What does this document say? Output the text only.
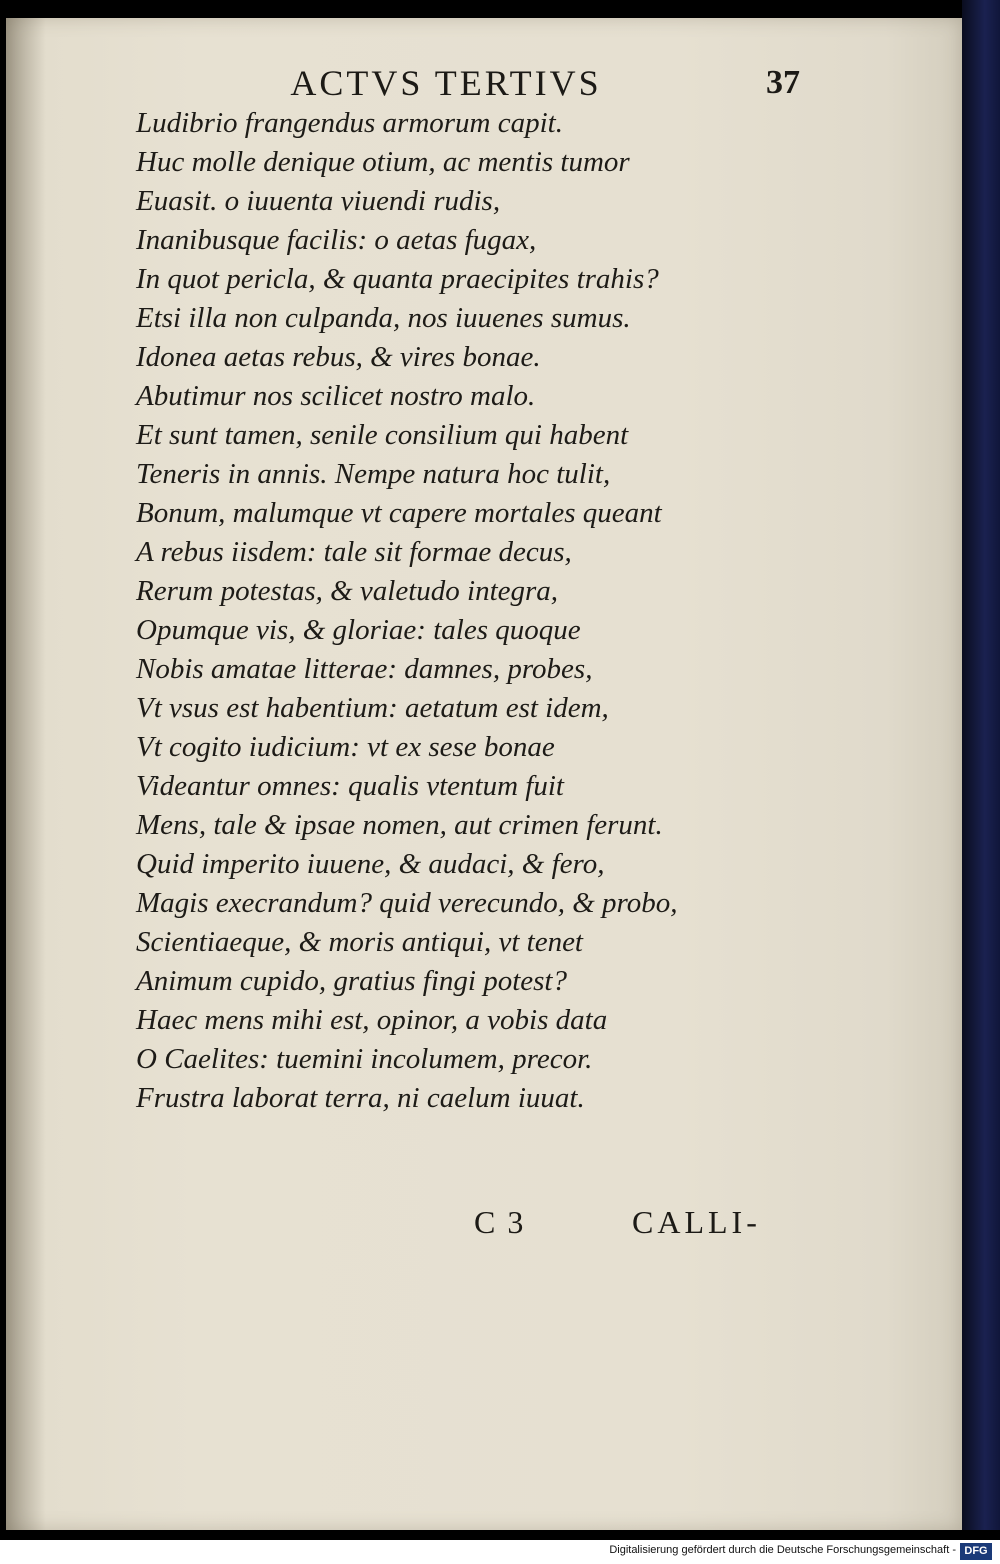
ACTVS TERTIVS	37
Ludibrio frangendus armorum capit.
Huc molle denique otium, ac mentis tumor
Euasit. o iuuenta viuendi rudis,
Inanibusque facilis: o aetas fugax,
In quot pericla, & quanta praecipites trahis?
Etsi illa non culpanda, nos iuuenes sumus.
Idonea aetas rebus, & vires bonae.
Abutimur nos scilicet nostro malo.
Et sunt tamen, senile consilium qui habent
Teneris in annis. Nempe natura hoc tulit,
Bonum, malumque vt capere mortales queant
A rebus iisdem: tale sit formae decus,
Rerum potestas, & valetudo integra,
Opumque vis, & gloriae: tales quoque
Nobis amatae litterae: damnes, probes,
Vt vsus est habentium: aetatum est idem,
Vt cogito iudicium: vt ex sese bonae
Videantur omnes: qualis vtentum fuit
Mens, tale & ipsae nomen, aut crimen ferunt.
Quid imperito iuuene, & audaci, & fero,
Magis execrandum? quid verecundo, & probo,
Scientiaeque, & moris antiqui, vt tenet
Animum cupido, gratius fingi potest?
Haec mens mihi est, opinor, a vobis data
O Caelites: tuemini incolumem, precor.
Frustra laborat terra, ni caelum iuuat.
C 3	CALLI-
Digitalisierung gefördert durch die Deutsche Forschungsgemeinschaft - DFG
